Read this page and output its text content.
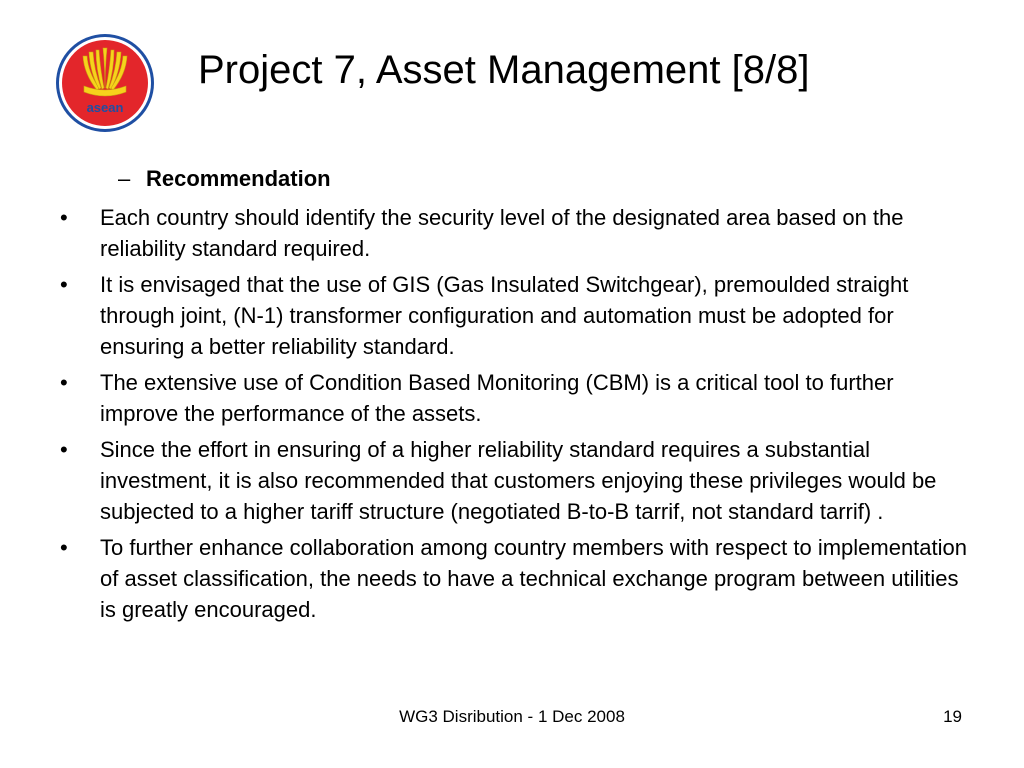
asean
Project 7, Asset Management [8/8]
– Recommendation
• Each country should identify the security level of the designated area based on the reliability standard required.
• It is envisaged that the use of GIS (Gas Insulated Switchgear), premoulded straight through joint, (N-1) transformer configuration and automation must be adopted for ensuring a better reliability standard.
• The extensive use of Condition Based Monitoring (CBM) is a critical tool to further improve the performance of the assets.
• Since the effort in ensuring of a higher reliability standard requires a substantial investment, it is also recommended that customers enjoying these privileges would be subjected to a higher tariff structure (negotiated B-to-B tarrif, not standard tarrif) .
• To further enhance collaboration among country members with respect to implementation of asset classification, the needs to have a technical exchange program between utilities is greatly encouraged.
WG3 Disribution - 1 Dec 2008	19
